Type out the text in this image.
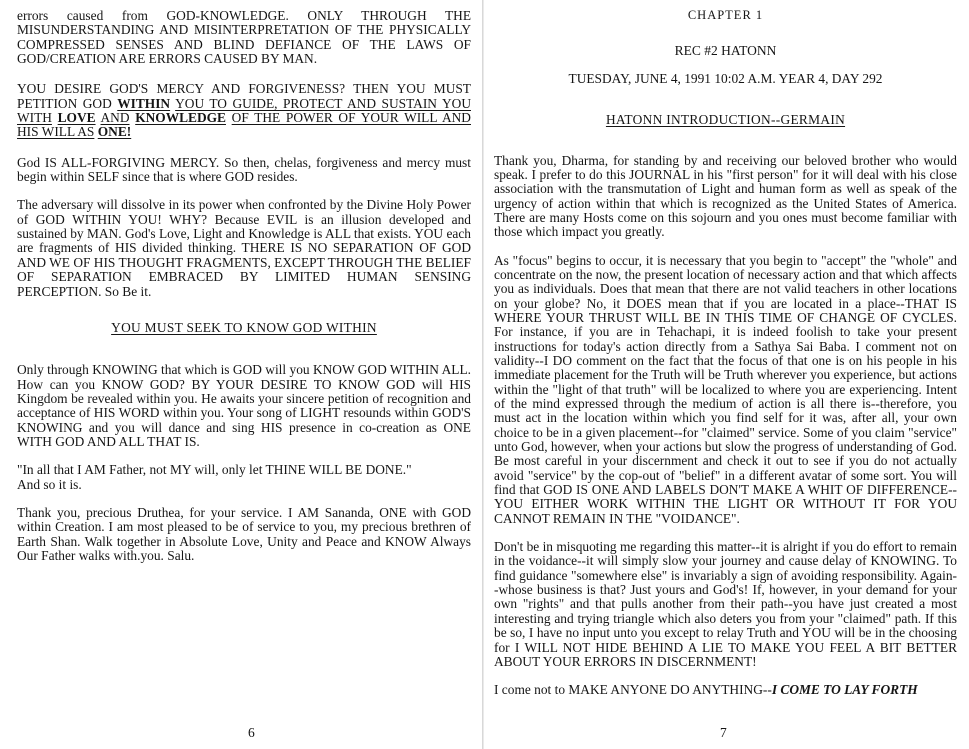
errors caused from GOD-KNOWLEDGE. ONLY THROUGH THE MISUNDERSTANDING AND MISINTERPRETATION OF THE PHYSICALLY COMPRESSED SENSES AND BLIND DEFIANCE OF THE LAWS OF GOD/CREATION ARE ERRORS CAUSED BY MAN.

YOU DESIRE GOD'S MERCY AND FORGIVENESS? THEN YOU MUST PETITION GOD WITHIN YOU TO GUIDE, PROTECT AND SUSTAIN YOU WITH LOVE AND KNOWLEDGE OF THE POWER OF YOUR WILL AND HIS WILL AS ONE!

God IS ALL-FORGIVING MERCY. So then, chelas, forgiveness and mercy must begin within SELF since that is where GOD resides.

The adversary will dissolve in its power when confronted by the Divine Holy Power of GOD WITHIN YOU! WHY? Because EVIL is an illusion developed and sustained by MAN. God's Love, Light and Knowledge is ALL that exists. YOU each are fragments of HIS divided thinking. THERE IS NO SEPARATION OF GOD AND WE OF HIS THOUGHT FRAGMENTS, EXCEPT THROUGH THE BELIEF OF SEPARATION EMBRACED BY LIMITED HUMAN SENSING PERCEPTION. So Be it.

YOU MUST SEEK TO KNOW GOD WITHIN

Only through KNOWING that which is GOD will you KNOW GOD WITHIN ALL. How can you KNOW GOD? BY YOUR DESIRE TO KNOW GOD will HIS Kingdom be revealed within you. He awaits your sincere petition of recognition and acceptance of HIS WORD within you. Your song of LIGHT resounds within GOD'S KNOWING and you will dance and sing HIS presence in co-creation as ONE WITH GOD AND ALL THAT IS.

"In all that I AM Father, not MY will, only let THINE WILL BE DONE."
And so it is.

Thank you, precious Druthea, for your service. I AM Sananda, ONE with GOD within Creation. I am most pleased to be of service to you, my precious brethren of Earth Shan. Walk together in Absolute Love, Unity and Peace and KNOW Always Our Father walks with.you. Salu.

6

CHAPTER 1

REC #2 HATONN

TUESDAY, JUNE 4, 1991 10:02 A.M. YEAR 4, DAY 292

HATONN INTRODUCTION--GERMAIN

Thank you, Dharma, for standing by and receiving our beloved brother who would speak. I prefer to do this JOURNAL in his "first person" for it will deal with his close association with the transmutation of Light and human form as well as speak of the urgency of action within that which is recognized as the United States of America. There are many Hosts come on this sojourn and you ones must become familiar with those which impact you greatly.

As "focus" begins to occur, it is necessary that you begin to "accept" the "whole" and concentrate on the now, the present location of necessary action and that which affects you as individuals. Does that mean that there are not valid teachers in other locations on your globe? No, it DOES mean that if you are located in a place--THAT IS WHERE YOUR THRUST WILL BE IN THIS TIME OF CHANGE OF CYCLES. For instance, if you are in Tehachapi, it is indeed foolish to take your present instructions for today's action directly from a Sathya Sai Baba. I comment not on validity--I DO comment on the fact that the focus of that one is on his people in his immediate placement for the Truth will be Truth wherever you experience, but actions within the "light of that truth" will be localized to where you are experiencing. Intent of the mind expressed through the medium of action is all there is--therefore, you must act in the location within which you find self for it was, after all, your own choice to be in a given placement--for "claimed" service. Some of you claim "service" unto God, however, when your actions but slow the progress of understanding of God. Be most careful in your discernment and check it out to see if you do not actually avoid "service" by the cop-out of "belief" in a different avatar of some sort. You will find that GOD IS ONE AND LABELS DON'T MAKE A WHIT OF DIFFERENCE--YOU EITHER WORK WITHIN THE LIGHT OR WITHOUT IT FOR YOU CANNOT REMAIN IN THE "VOIDANCE".

Don't be in misquoting me regarding this matter--it is alright if you do effort to remain in the voidance--it will simply slow your journey and cause delay of KNOWING. To find guidance "somewhere else" is invariably a sign of avoiding responsibility. Again--whose business is that? Just yours and God's! If, however, in your demand for your own "rights" and that pulls another from their path--you have just created a most interesting and trying triangle which also deters you from your "claimed" path. If this be so, I have no input unto you except to relay Truth and YOU will be in the choosing for I WILL NOT HIDE BEHIND A LIE TO MAKE YOU FEEL A BIT BETTER ABOUT YOUR ERRORS IN DISCERNMENT!

I come not to MAKE ANYONE DO ANYTHING--I COME TO LAY FORTH

7
